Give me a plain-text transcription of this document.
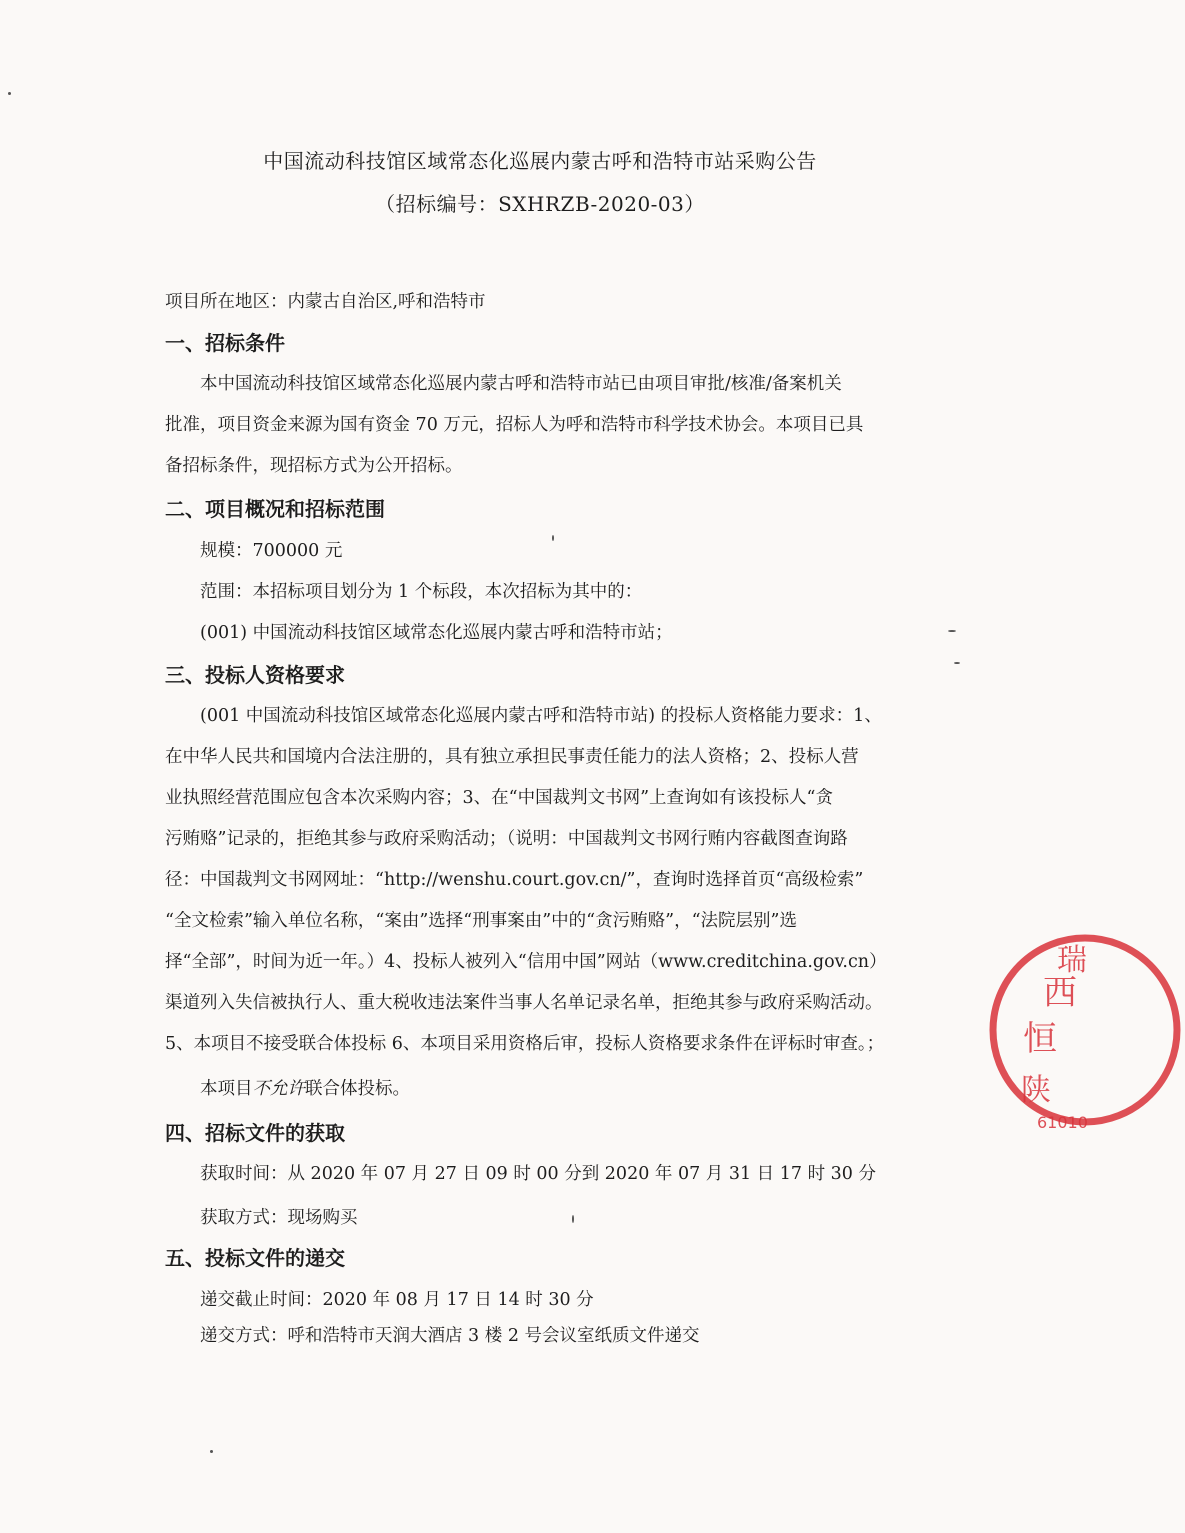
中国流动科技馆区域常态化巡展内蒙古呼和浩特市站采购公告
（招标编号：SXHRZB-2020-03）
项目所在地区：内蒙古自治区,呼和浩特市
一、招标条件
本中国流动科技馆区域常态化巡展内蒙古呼和浩特市站已由项目审批/核准/备案机关
批准，项目资金来源为国有资金 70 万元，招标人为呼和浩特市科学技术协会。本项目已具
备招标条件，现招标方式为公开招标。
二、项目概况和招标范围
规模：700000 元
范围：本招标项目划分为 1 个标段，本次招标为其中的：
(001) 中国流动科技馆区域常态化巡展内蒙古呼和浩特市站；
三、投标人资格要求
(001 中国流动科技馆区域常态化巡展内蒙古呼和浩特市站) 的投标人资格能力要求：1、
在中华人民共和国境内合法注册的，具有独立承担民事责任能力的法人资格；2、投标人营
业执照经营范围应包含本次采购内容；3、在“中国裁判文书网”上查询如有该投标人“贪
污贿赂”记录的，拒绝其参与政府采购活动；（说明：中国裁判文书网行贿内容截图查询路
径：中国裁判文书网网址：“http://wenshu.court.gov.cn/”，查询时选择首页“高级检索”
“全文检索”输入单位名称，“案由”选择“刑事案由”中的“贪污贿赂”，“法院层别”选
择“全部”，时间为近一年。）4、投标人被列入“信用中国”网站（www.creditchina.gov.cn）
渠道列入失信被执行人、重大税收违法案件当事人名单记录名单，拒绝其参与政府采购活动。
5、本项目不接受联合体投标 6、本项目采用资格后审，投标人资格要求条件在评标时审查。；
本项目不允许联合体投标。
四、招标文件的获取
获取时间：从 2020 年 07 月 27 日 09 时 00 分到 2020 年 07 月 31 日 17 时 30 分
获取方式：现场购买
五、投标文件的递交
递交截止时间：2020 年 08 月 17 日 14 时 30 分
递交方式：呼和浩特市天润大酒店 3 楼 2 号会议室纸质文件递交
西
恒
瑞
陕
61010
